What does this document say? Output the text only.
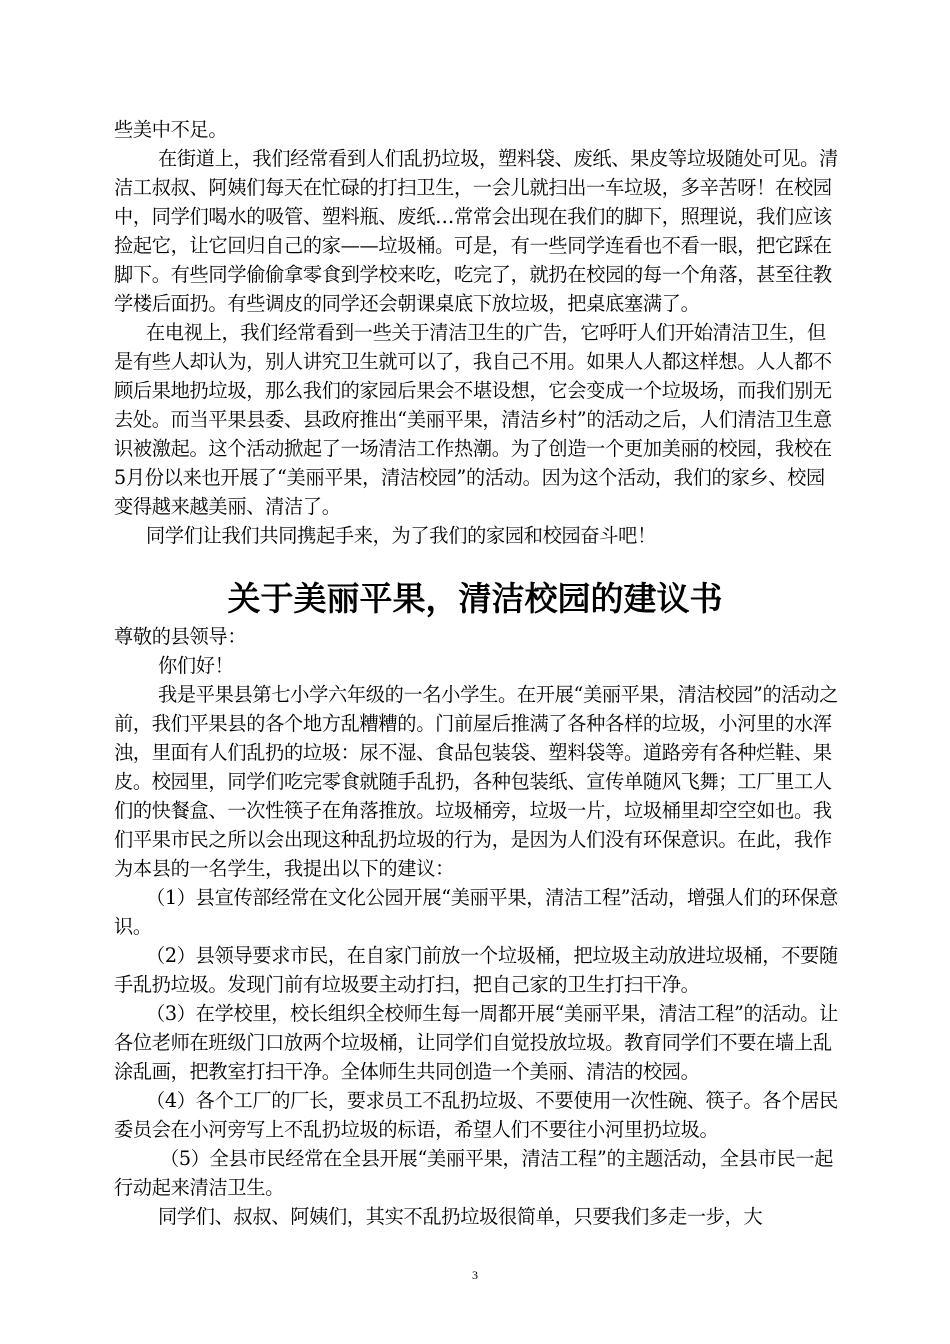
些美中不足。

在街道上，我们经常看到人们乱扔垃圾，塑料袋、废纸、果皮等垃圾随处可见。清洁工叔叔、阿姨们每天在忙碌的打扫卫生，一会儿就扫出一车垃圾，多辛苦呀！在校园中，同学们喝水的吸管、塑料瓶、废纸…常常会出现在我们的脚下，照理说，我们应该捡起它，让它回归自己的家——垃圾桶。可是，有一些同学连看也不看一眼，把它踩在脚下。有些同学偷偷拿零食到学校来吃，吃完了，就扔在校园的每一个角落，甚至往教学楼后面扔。有些调皮的同学还会朝课桌底下放垃圾，把桌底塞满了。

在电视上，我们经常看到一些关于清洁卫生的广告，它呼吁人们开始清洁卫生，但是有些人却认为，别人讲究卫生就可以了，我自己不用。如果人人都这样想。人人都不顾后果地扔垃圾，那么我们的家园后果会不堪设想，它会变成一个垃圾场，而我们别无去处。而当平果县委、县政府推出“美丽平果，清洁乡村”的活动之后，人们清洁卫生意识被激起。这个活动掀起了一场清洁工作热潮。为了创造一个更加美丽的校园，我校在5月份以来也开展了“美丽平果，清洁校园”的活动。因为这个活动，我们的家乡、校园变得越来越美丽、清洁了。

同学们让我们共同携起手来，为了我们的家园和校园奋斗吧！

关于美丽平果，清洁校园的建议书

尊敬的县领导：

你们好！

我是平果县第七小学六年级的一名小学生。在开展“美丽平果，清洁校园”的活动之前，我们平果县的各个地方乱糟糟的。门前屋后推满了各种各样的垃圾，小河里的水浑浊，里面有人们乱扔的垃圾：尿不湿、食品包装袋、塑料袋等。道路旁有各种烂鞋、果皮。校园里，同学们吃完零食就随手乱扔，各种包装纸、宣传单随风飞舞；工厂里工人们的快餐盒、一次性筷子在角落推放。垃圾桶旁，垃圾一片，垃圾桶里却空空如也。我们平果市民之所以会出现这种乱扔垃圾的行为，是因为人们没有环保意识。在此，我作为本县的一名学生，我提出以下的建议：

（1）县宣传部经常在文化公园开展“美丽平果，清洁工程”活动，增强人们的环保意识。

（2）县领导要求市民，在自家门前放一个垃圾桶，把垃圾主动放进垃圾桶，不要随手乱扔垃圾。发现门前有垃圾要主动打扫，把自己家的卫生打扫干净。

（3）在学校里，校长组织全校师生每一周都开展“美丽平果，清洁工程”的活动。让各位老师在班级门口放两个垃圾桶，让同学们自觉投放垃圾。教育同学们不要在墙上乱涂乱画，把教室打扫干净。全体师生共同创造一个美丽、清洁的校园。

（4）各个工厂的厂长，要求员工不乱扔垃圾、不要使用一次性碗、筷子。各个居民委员会在小河旁写上不乱扔垃圾的标语，希望人们不要往小河里扔垃圾。

（5）全县市民经常在全县开展“美丽平果，清洁工程”的主题活动，全县市民一起行动起来清洁卫生。

同学们、叔叔、阿姨们，其实不乱扔垃圾很简单，只要我们多走一步，大

3
